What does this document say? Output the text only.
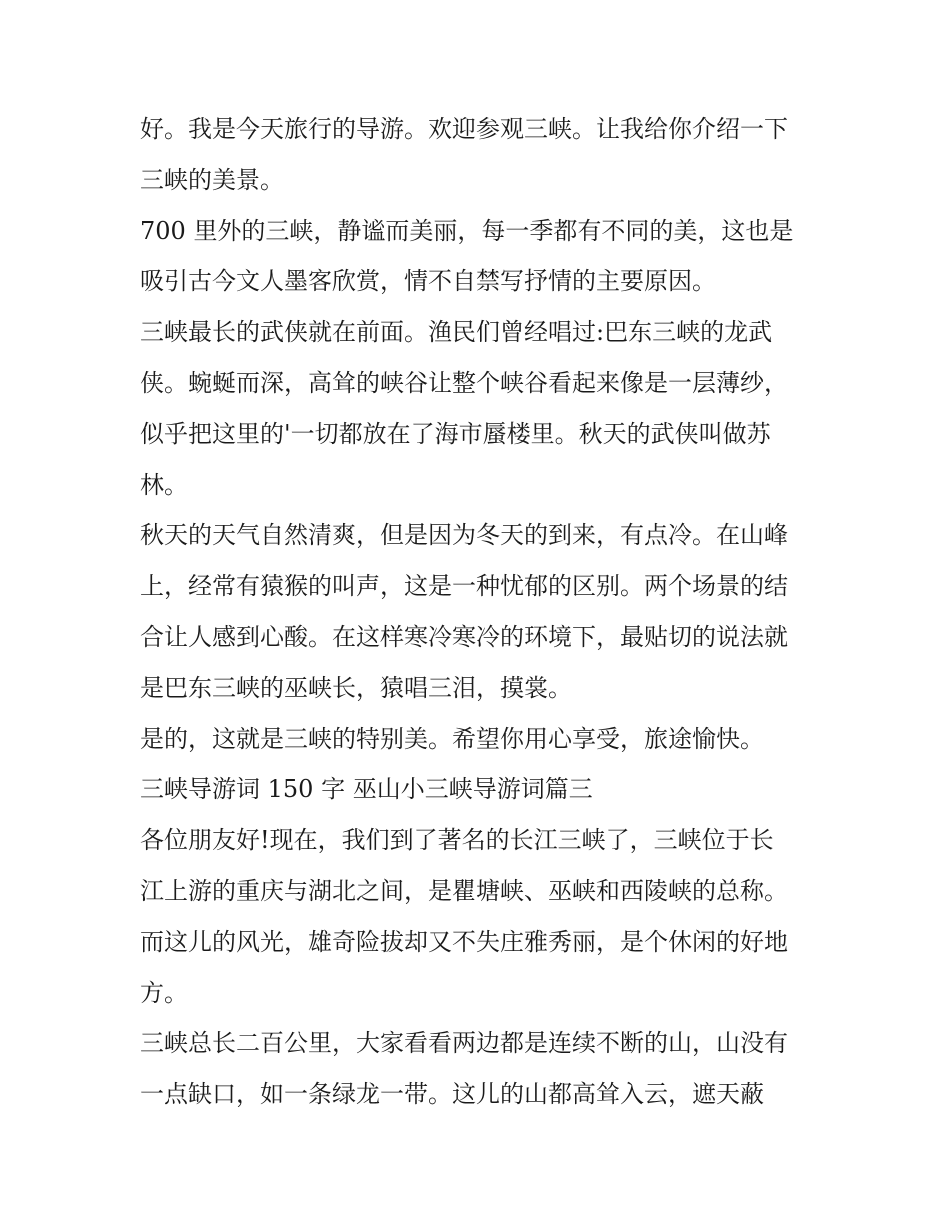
好。我是今天旅行的导游。欢迎参观三峡。让我给你介绍一下
三峡的美景。
700 里外的三峡，静谧而美丽，每一季都有不同的美，这也是
吸引古今文人墨客欣赏，情不自禁写抒情的主要原因。
三峡最长的武侠就在前面。渔民们曾经唱过:巴东三峡的龙武
侠。蜿蜒而深，高耸的峡谷让整个峡谷看起来像是一层薄纱，
似乎把这里的'一切都放在了海市蜃楼里。秋天的武侠叫做苏
林。
秋天的天气自然清爽，但是因为冬天的到来，有点冷。在山峰
上，经常有猿猴的叫声，这是一种忧郁的区别。两个场景的结
合让人感到心酸。在这样寒冷寒冷的环境下，最贴切的说法就
是巴东三峡的巫峡长，猿唱三泪，摸裳。
是的，这就是三峡的特别美。希望你用心享受，旅途愉快。
三峡导游词 150 字 巫山小三峡导游词篇三
各位朋友好!现在，我们到了著名的长江三峡了，三峡位于长
江上游的重庆与湖北之间，是瞿塘峡、巫峡和西陵峡的总称。
而这儿的风光，雄奇险拔却又不失庄雅秀丽，是个休闲的好地
方。
三峡总长二百公里，大家看看两边都是连续不断的山，山没有
一点缺口，如一条绿龙一带。这儿的山都高耸入云，遮天蔽
